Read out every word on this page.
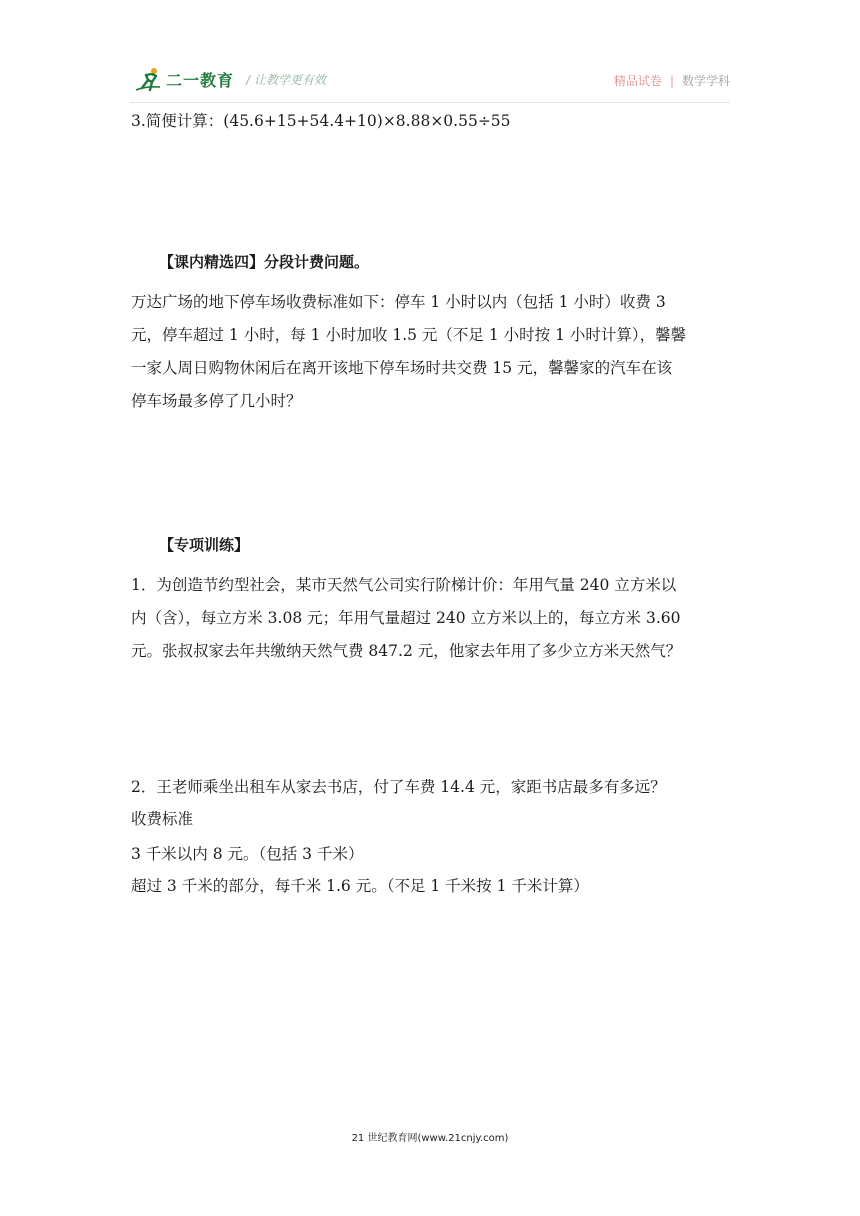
二一教育 / 让教学更有效	精品试卷 | 数学学科
3.简便计算：(45.6+15+54.4+10)×8.88×0.55÷55
【课内精选四】分段计费问题。
万达广场的地下停车场收费标准如下：停车 1 小时以内（包括 1 小时）收费 3
元，停车超过 1 小时，每 1 小时加收 1.5 元（不足 1 小时按 1 小时计算），馨馨
一家人周日购物休闲后在离开该地下停车场时共交费 15 元，馨馨家的汽车在该
停车场最多停了几小时？
【专项训练】
1．为创造节约型社会，某市天然气公司实行阶梯计价：年用气量 240 立方米以
内（含），每立方米 3.08 元；年用气量超过 240 立方米以上的，每立方米 3.60
元。张叔叔家去年共缴纳天然气费 847.2 元，他家去年用了多少立方米天然气？
2．王老师乘坐出租车从家去书店，付了车费 14.4 元，家距书店最多有多远？
收费标准
3 千米以内 8 元。（包括 3 千米）
超过 3 千米的部分，每千米 1.6 元。（不足 1 千米按 1 千米计算）
21 世纪教育网(www.21cnjy.com)
